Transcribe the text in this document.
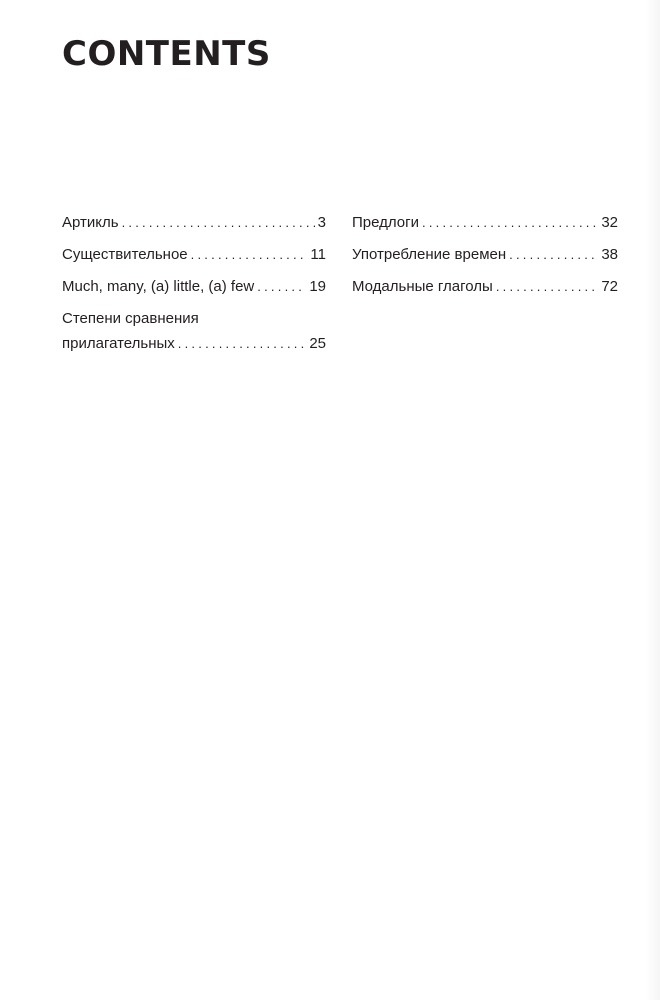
CONTENTS
Артикль . . .	3
Существительное . . .	11
Much, many, (a) little, (a) few . . .	19
Степени сравнения
прилагательных . . .	25
Предлоги . . .	32
Употребление времен . . .	38
Модальные глаголы . . .	72
